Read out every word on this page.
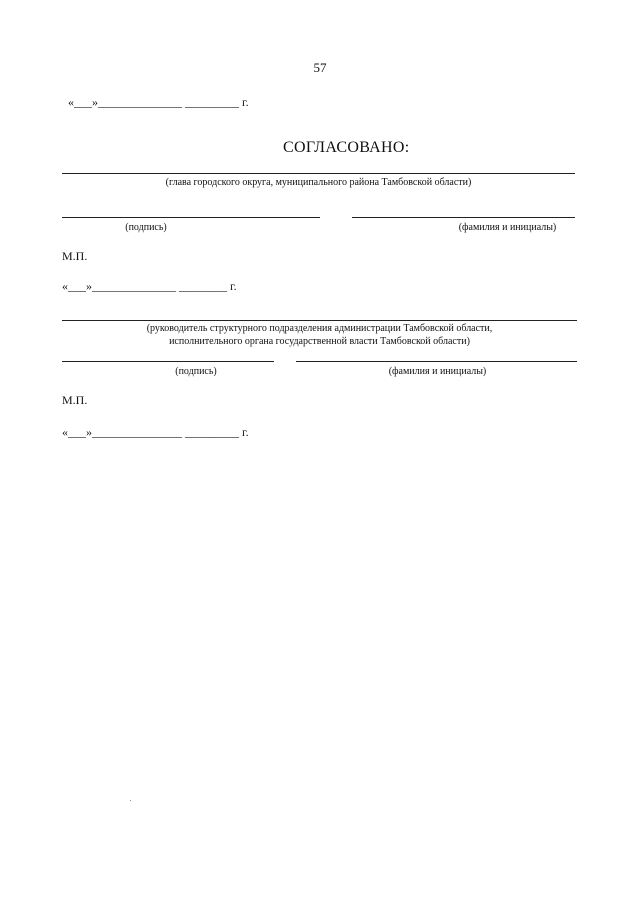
57
«___»______________ _________ г.
СОГЛАСОВАНО:
(глава городского округа, муниципального района Тамбовской области)
(подпись)	(фамилия и инициалы)
М.П.
«___»______________ ________ г.
(руководитель структурного подразделения администрации Тамбовской области,
исполнительного органа государственной власти Тамбовской области)
(подпись)	(фамилия и инициалы)
М.П.
«___»_______________ _________ г.
